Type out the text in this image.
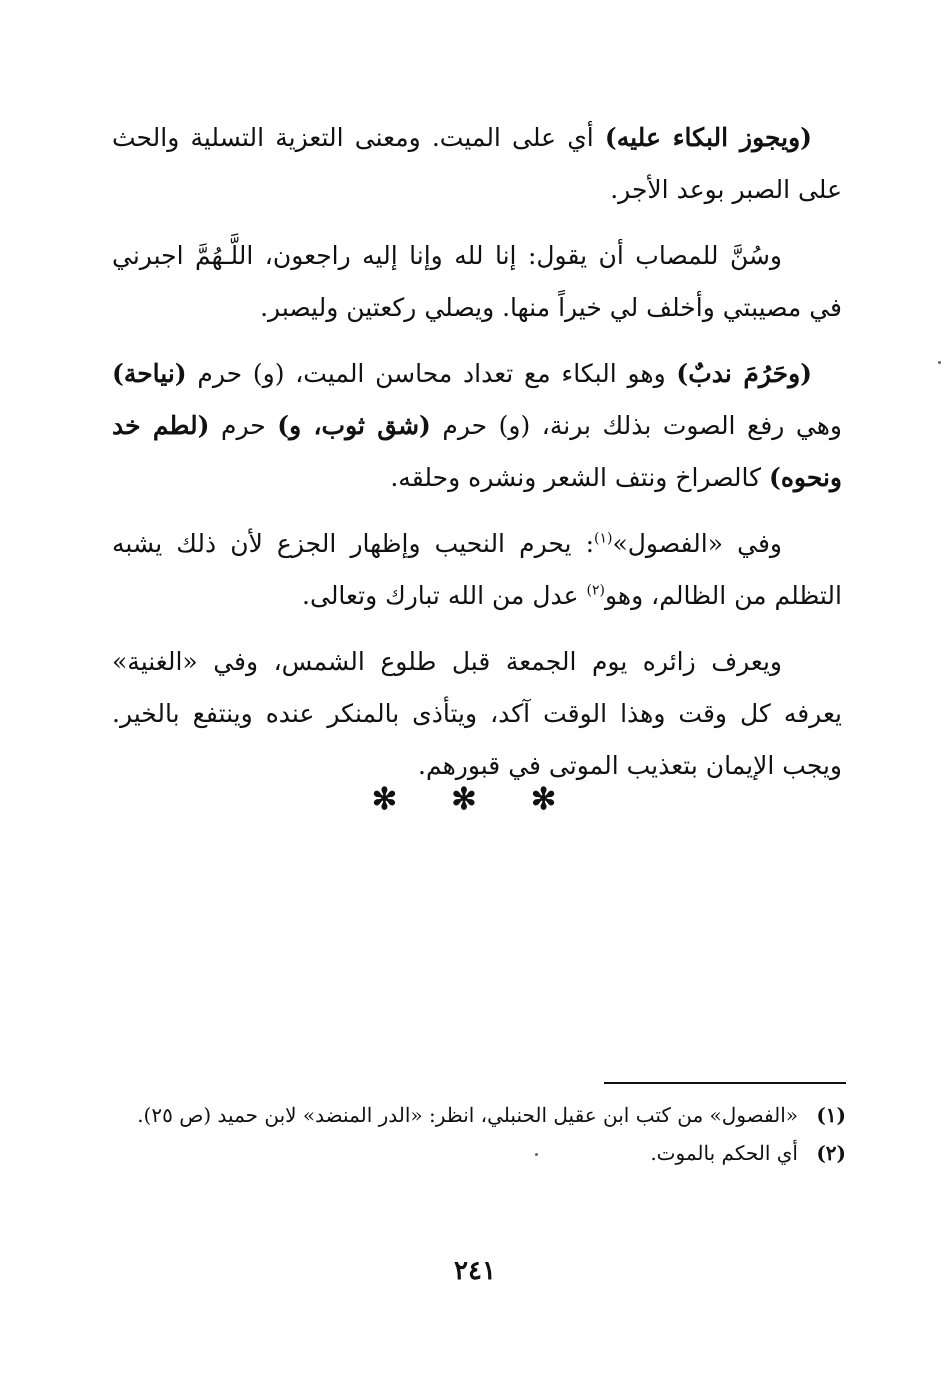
(ويجوز البكاء عليه) أي على الميت. ومعنى التعزية التسلية والحث على الصبر بوعد الأجر.

وسُنَّ للمصاب أن يقول: إنا لله وإنا إليه راجعون، اللَّـهُمَّ اجبرني في مصيبتي وأخلف لي خيراً منها. ويصلي ركعتين وليصبر.

(وحَرُمَ ندبٌ) وهو البكاء مع تعداد محاسن الميت، (و) حرم (نياحة) وهي رفع الصوت بذلك برنة، (و) حرم (شق ثوب، و) حرم (لطم خد ونحوه) كالصراخ ونتف الشعر ونشره وحلقه.

وفي «الفصول»$^{(١)}$: يحرم النحيب وإظهار الجزع لأن ذلك يشبه التظلم من الظالم، وهو$^{(٢)}$ عدل من الله تبارك وتعالى.

ويعرف زائره يوم الجمعة قبل طلوع الشمس، وفي «الغنية» يعرفه كل وقت وهذا الوقت آكد، ويتأذى بالمنكر عنده وينتفع بالخير. ويجب الإيمان بتعذيب الموتى في قبورهم.

✻ ✻ ✻
(١)
«الفصول» من كتب ابن عقيل الحنبلي، انظر: «الدر المنضد» لابن حميد (ص ٢٥).
(٢)
أي الحكم بالموت.
٢٤١
